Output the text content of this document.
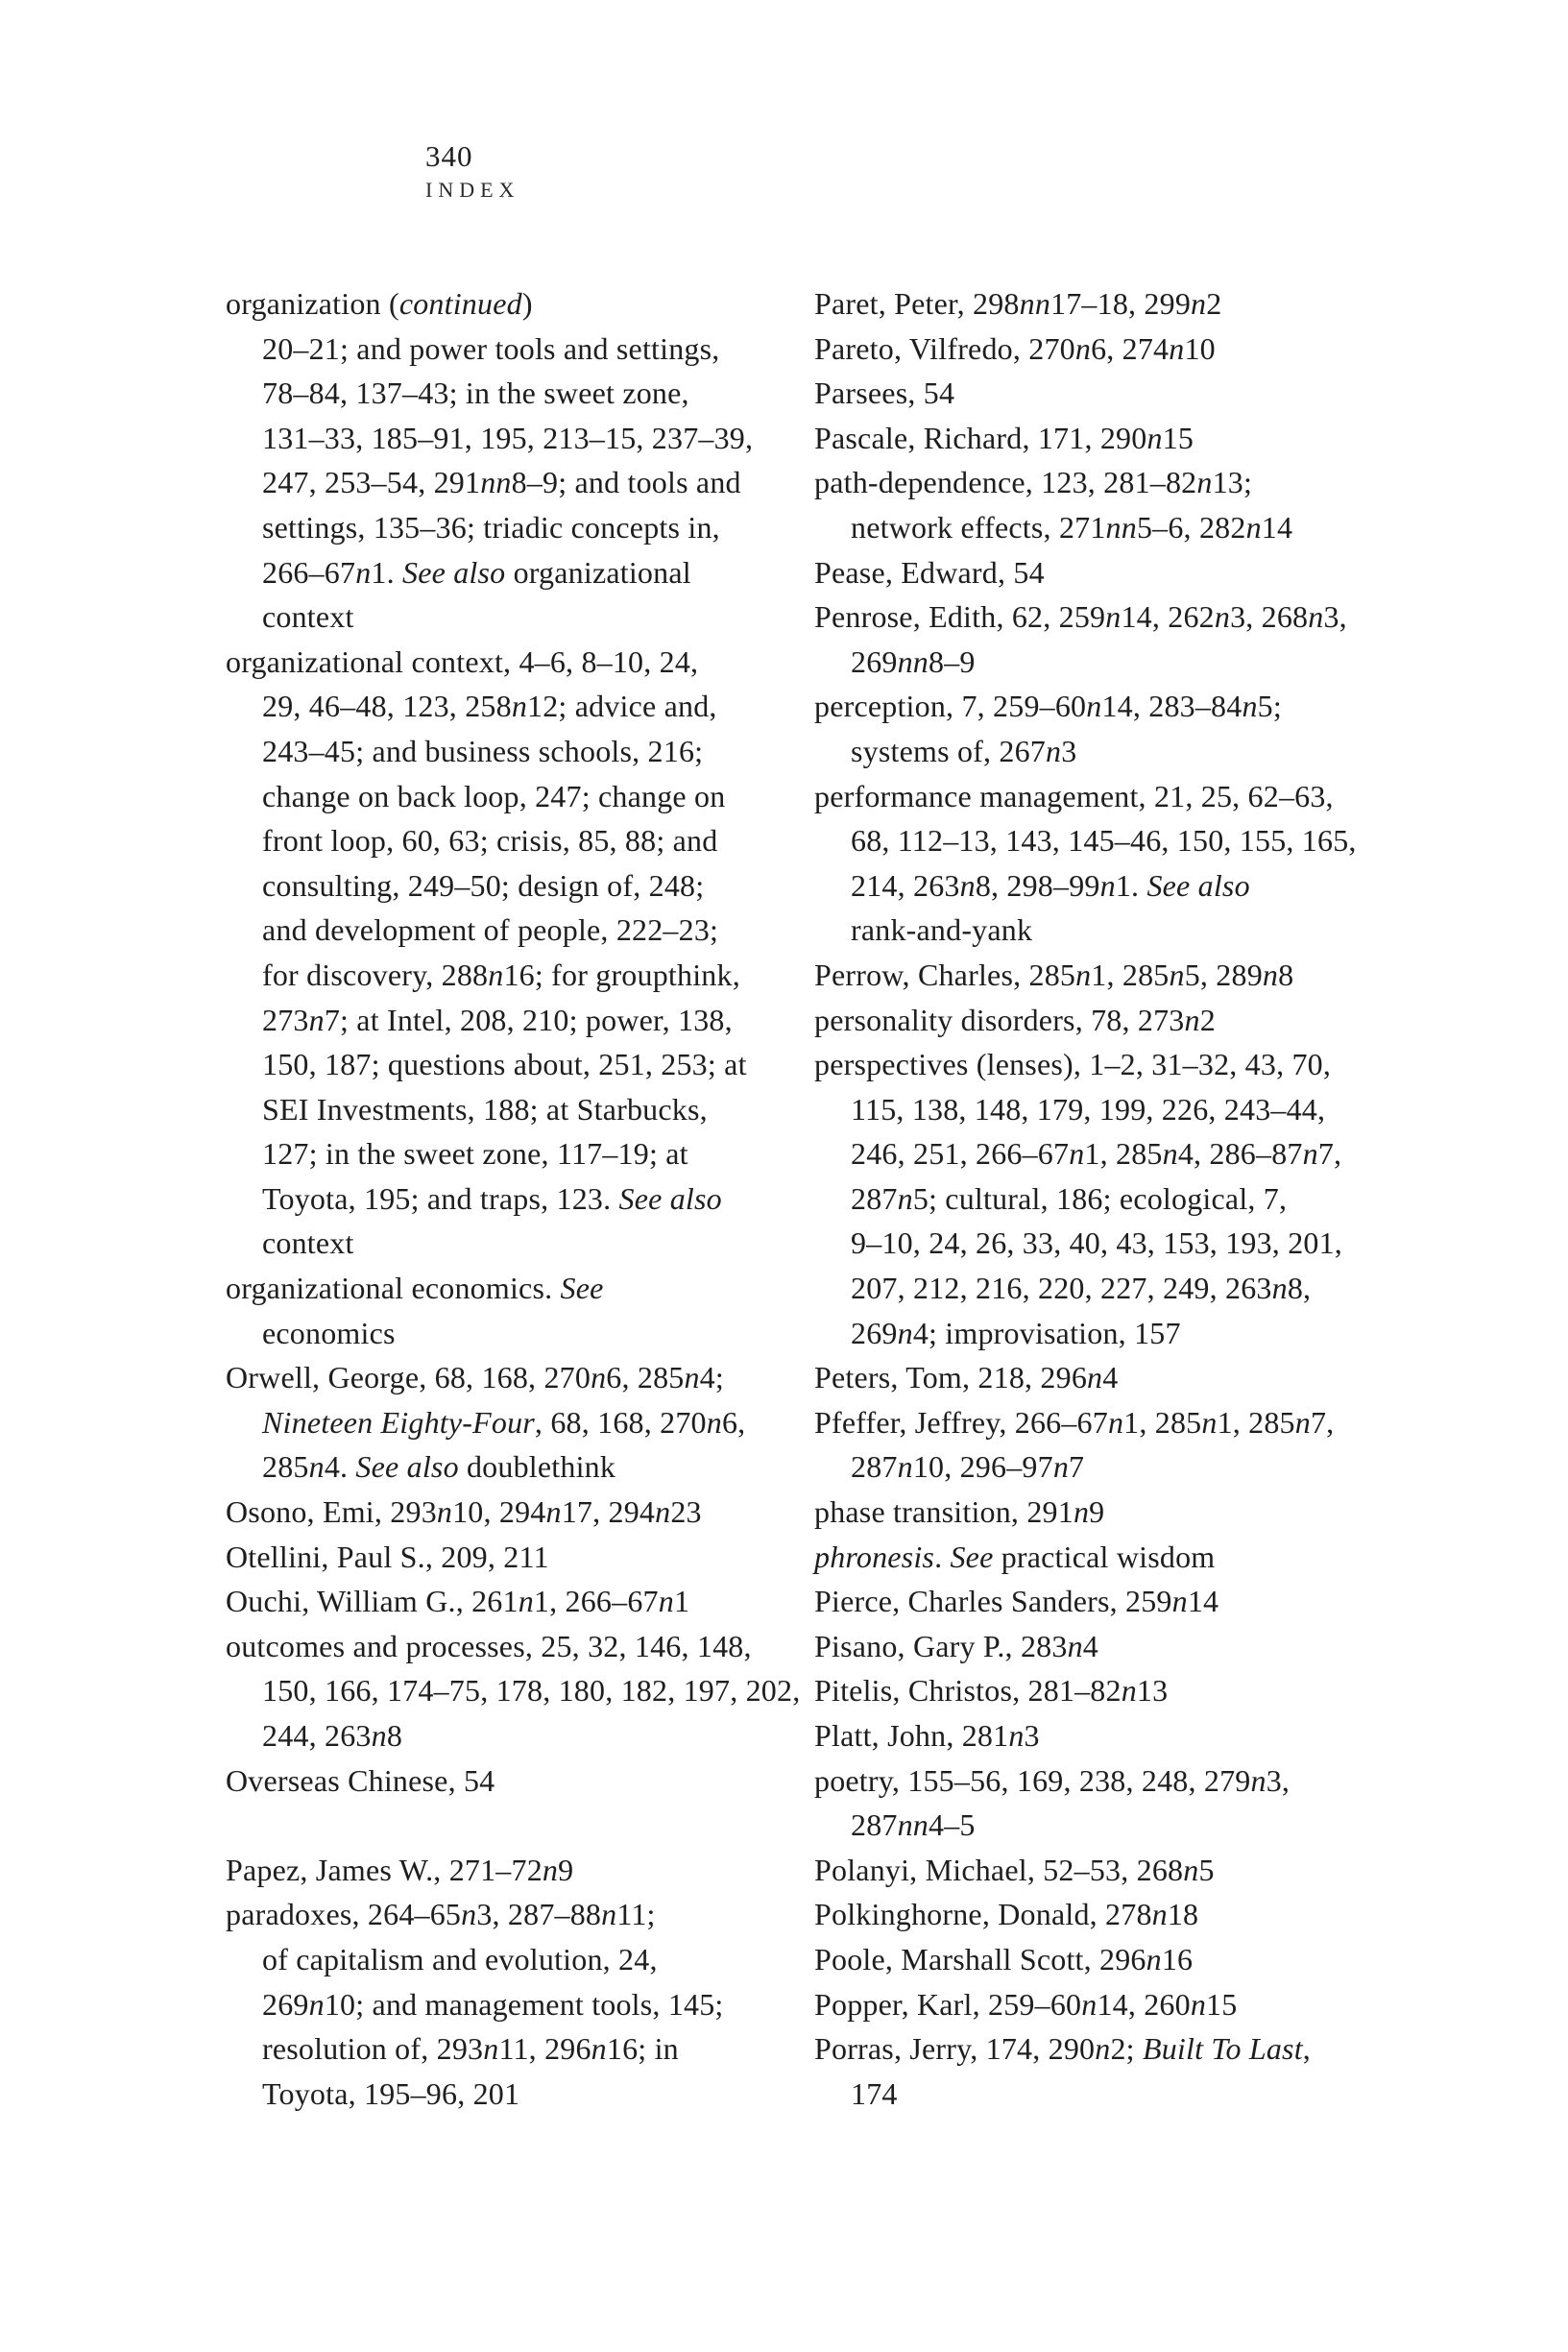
340
INDEX
organization (continued)
20–21; and power tools and settings,
78–84, 137–43; in the sweet zone,
131–33, 185–91, 195, 213–15, 237–39,
247, 253–54, 291nn8–9; and tools and
settings, 135–36; triadic concepts in,
266–67n1. See also organizational
context
organizational context, 4–6, 8–10, 24,
29, 46–48, 123, 258n12; advice and,
243–45; and business schools, 216;
change on back loop, 247; change on
front loop, 60, 63; crisis, 85, 88; and
consulting, 249–50; design of, 248;
and development of people, 222–23;
for discovery, 288n16; for groupthink,
273n7; at Intel, 208, 210; power, 138,
150, 187; questions about, 251, 253; at
SEI Investments, 188; at Starbucks,
127; in the sweet zone, 117–19; at
Toyota, 195; and traps, 123. See also
context
organizational economics. See
economics
Orwell, George, 68, 168, 270n6, 285n4;
Nineteen Eighty-Four, 68, 168, 270n6,
285n4. See also doublethink
Osono, Emi, 293n10, 294n17, 294n23
Otellini, Paul S., 209, 211
Ouchi, William G., 261n1, 266–67n1
outcomes and processes, 25, 32, 146, 148,
150, 166, 174–75, 178, 180, 182, 197, 202,
244, 263n8
Overseas Chinese, 54

Papez, James W., 271–72n9
paradoxes, 264–65n3, 287–88n11;
of capitalism and evolution, 24,
269n10; and management tools, 145;
resolution of, 293n11, 296n16; in
Toyota, 195–96, 201
Paret, Peter, 298nn17–18, 299n2
Pareto, Vilfredo, 270n6, 274n10
Parsees, 54
Pascale, Richard, 171, 290n15
path-dependence, 123, 281–82n13;
network effects, 271nn5–6, 282n14
Pease, Edward, 54
Penrose, Edith, 62, 259n14, 262n3, 268n3,
269nn8–9
perception, 7, 259–60n14, 283–84n5;
systems of, 267n3
performance management, 21, 25, 62–63,
68, 112–13, 143, 145–46, 150, 155, 165,
214, 263n8, 298–99n1. See also
rank-and-yank
Perrow, Charles, 285n1, 285n5, 289n8
personality disorders, 78, 273n2
perspectives (lenses), 1–2, 31–32, 43, 70,
115, 138, 148, 179, 199, 226, 243–44,
246, 251, 266–67n1, 285n4, 286–87n7,
287n5; cultural, 186; ecological, 7,
9–10, 24, 26, 33, 40, 43, 153, 193, 201,
207, 212, 216, 220, 227, 249, 263n8,
269n4; improvisation, 157
Peters, Tom, 218, 296n4
Pfeffer, Jeffrey, 266–67n1, 285n1, 285n7,
287n10, 296–97n7
phase transition, 291n9
phronesis. See practical wisdom
Pierce, Charles Sanders, 259n14
Pisano, Gary P., 283n4
Pitelis, Christos, 281–82n13
Platt, John, 281n3
poetry, 155–56, 169, 238, 248, 279n3,
287nn4–5
Polanyi, Michael, 52–53, 268n5
Polkinghorne, Donald, 278n18
Poole, Marshall Scott, 296n16
Popper, Karl, 259–60n14, 260n15
Porras, Jerry, 174, 290n2; Built To Last,
174
